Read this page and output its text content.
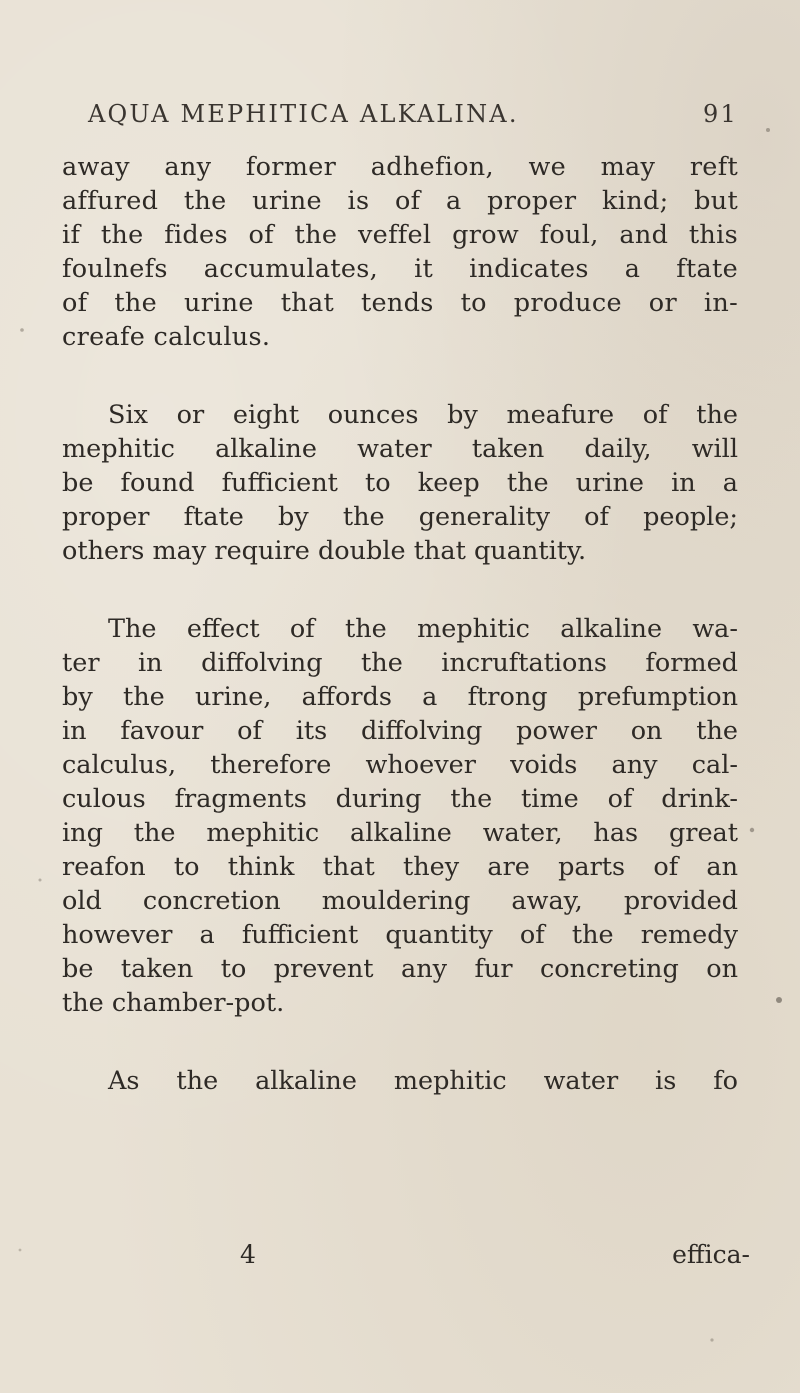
AQUA MEPHITICA ALKALINA.	91
away any former adhefion, we may reft
affured the urine is of a proper kind; but
if the fides of the veffel grow foul, and this
foulnefs accumulates, it indicates a ftate
of the urine that tends to produce or in-
creafe calculus.
Six or eight ounces by meafure of the
mephitic alkaline water taken daily, will
be found fufficient to keep the urine in a
proper ftate by the generality of people;
others may require double that quantity.
The effect of the mephitic alkaline wa-
ter in diffolving the incruftations formed
by the urine, affords a ftrong prefumption
in favour of its diffolving power on the
calculus, therefore whoever voids any cal-
culous fragments during the time of drink-
ing the mephitic alkaline water, has great
reafon to think that they are parts of an
old concretion mouldering away, provided
however a fufficient quantity of the remedy
be taken to prevent any fur concreting on
the chamber-pot.
As the alkaline mephitic water is fo
4	effica-
